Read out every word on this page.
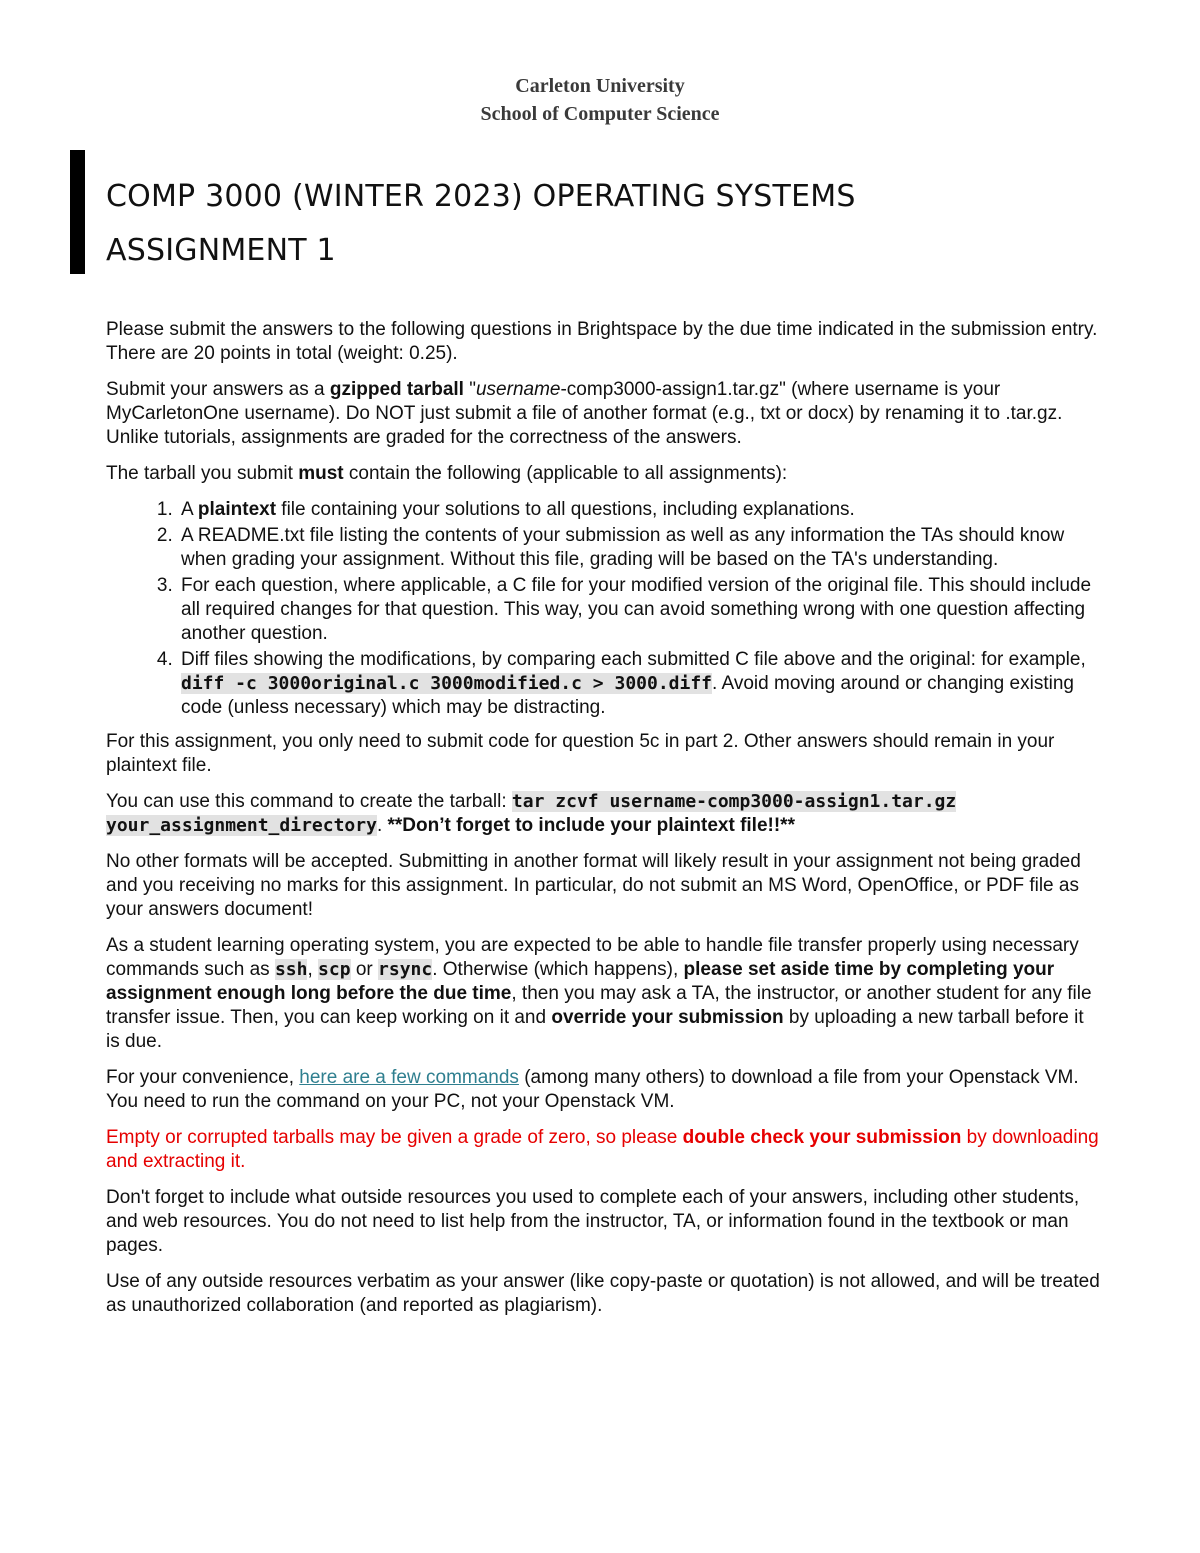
Carleton University
School of Computer Science
COMP 3000 (WINTER 2023) OPERATING SYSTEMS
ASSIGNMENT 1

Please submit the answers to the following questions in Brightspace by the due time indicated in the submission entry. There are 20 points in total (weight: 0.25).

Submit your answers as a gzipped tarball "username-comp3000-assign1.tar.gz" (where username is your MyCarletonOne username). Do NOT just submit a file of another format (e.g., txt or docx) by renaming it to .tar.gz. Unlike tutorials, assignments are graded for the correctness of the answers.

The tarball you submit must contain the following (applicable to all assignments):

1. A plaintext file containing your solutions to all questions, including explanations.
2. A README.txt file listing the contents of your submission as well as any information the TAs should know when grading your assignment. Without this file, grading will be based on the TA's understanding.
3. For each question, where applicable, a C file for your modified version of the original file. This should include all required changes for that question. This way, you can avoid something wrong with one question affecting another question.
4. Diff files showing the modifications, by comparing each submitted C file above and the original: for example, diff -c 3000original.c 3000modified.c > 3000.diff. Avoid moving around or changing existing code (unless necessary) which may be distracting.

For this assignment, you only need to submit code for question 5c in part 2. Other answers should remain in your plaintext file.

You can use this command to create the tarball: tar zcvf username-comp3000-assign1.tar.gz your_assignment_directory. **Don’t forget to include your plaintext file!!**

No other formats will be accepted. Submitting in another format will likely result in your assignment not being graded and you receiving no marks for this assignment. In particular, do not submit an MS Word, OpenOffice, or PDF file as your answers document!

As a student learning operating system, you are expected to be able to handle file transfer properly using necessary commands such as ssh, scp or rsync. Otherwise (which happens), please set aside time by completing your assignment enough long before the due time, then you may ask a TA, the instructor, or another student for any file transfer issue. Then, you can keep working on it and override your submission by uploading a new tarball before it is due.

For your convenience, here are a few commands (among many others) to download a file from your Openstack VM. You need to run the command on your PC, not your Openstack VM.

Empty or corrupted tarballs may be given a grade of zero, so please double check your submission by downloading and extracting it.

Don't forget to include what outside resources you used to complete each of your answers, including other students, and web resources. You do not need to list help from the instructor, TA, or information found in the textbook or man pages.

Use of any outside resources verbatim as your answer (like copy-paste or quotation) is not allowed, and will be treated as unauthorized collaboration (and reported as plagiarism).
